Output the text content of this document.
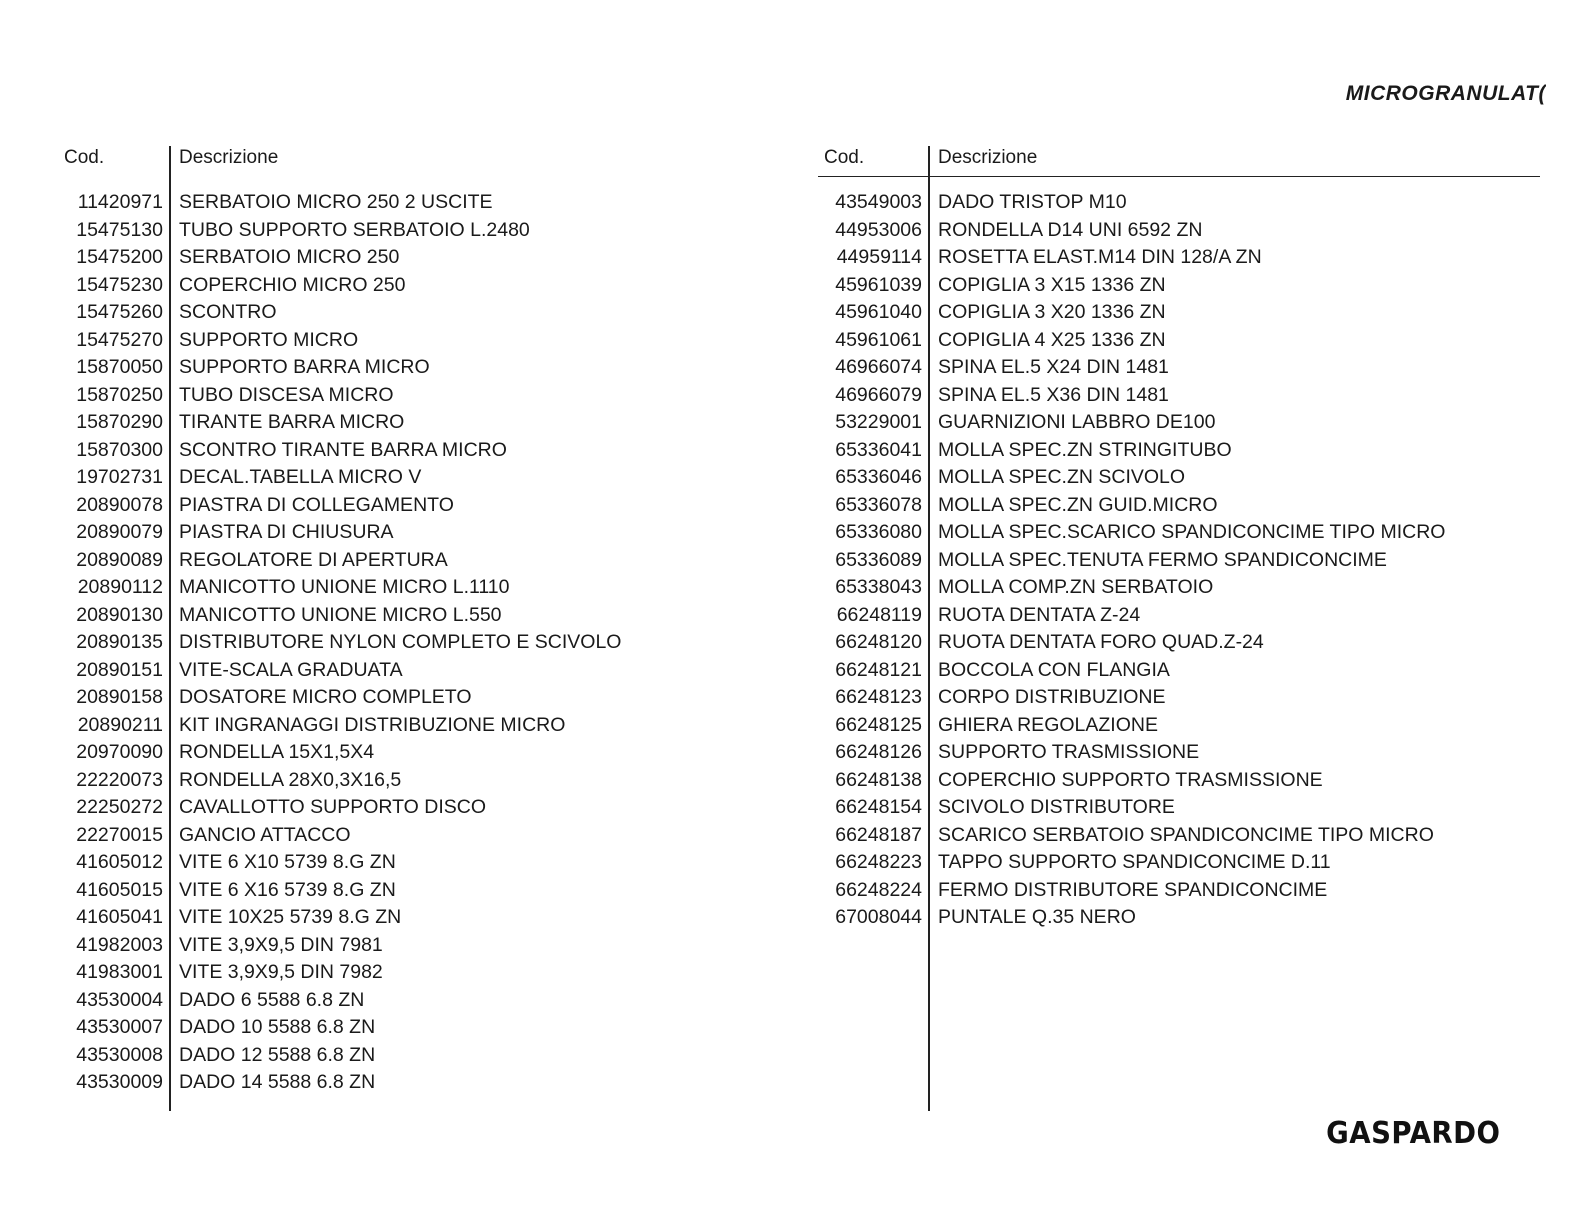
MICROGRANULAT(
Cod.	Descrizione
11420971 SERBATOIO MICRO 250 2 USCITE
15475130 TUBO SUPPORTO SERBATOIO L.2480
15475200 SERBATOIO MICRO 250
15475230 COPERCHIO MICRO 250
15475260 SCONTRO
15475270 SUPPORTO MICRO
15870050 SUPPORTO BARRA MICRO
15870250 TUBO DISCESA MICRO
15870290 TIRANTE BARRA MICRO
15870300 SCONTRO TIRANTE BARRA MICRO
19702731 DECAL.TABELLA MICRO V
20890078 PIASTRA DI COLLEGAMENTO
20890079 PIASTRA DI CHIUSURA
20890089 REGOLATORE DI APERTURA
20890112 MANICOTTO UNIONE MICRO L.1110
20890130 MANICOTTO UNIONE MICRO L.550
20890135 DISTRIBUTORE NYLON COMPLETO E SCIVOLO
20890151 VITE-SCALA GRADUATA
20890158 DOSATORE MICRO COMPLETO
20890211 KIT INGRANAGGI DISTRIBUZIONE MICRO
20970090 RONDELLA 15X1,5X4
22220073 RONDELLA 28X0,3X16,5
22250272 CAVALLOTTO SUPPORTO DISCO
22270015 GANCIO ATTACCO
41605012 VITE 6 X10 5739 8.G ZN
41605015 VITE 6 X16 5739 8.G ZN
41605041 VITE 10X25 5739 8.G ZN
41982003 VITE 3,9X9,5 DIN 7981
41983001 VITE 3,9X9,5 DIN 7982
43530004 DADO 6 5588 6.8 ZN
43530007 DADO 10 5588 6.8 ZN
43530008 DADO 12 5588 6.8 ZN
43530009 DADO 14 5588 6.8 ZN
Cod.	Descrizione
43549003 DADO TRISTOP M10
44953006 RONDELLA D14 UNI 6592 ZN
44959114 ROSETTA ELAST.M14 DIN 128/A ZN
45961039 COPIGLIA 3 X15 1336 ZN
45961040 COPIGLIA 3 X20 1336 ZN
45961061 COPIGLIA 4 X25 1336 ZN
46966074 SPINA EL.5 X24 DIN 1481
46966079 SPINA EL.5 X36 DIN 1481
53229001 GUARNIZIONI LABBRO DE100
65336041 MOLLA SPEC.ZN STRINGITUBO
65336046 MOLLA SPEC.ZN SCIVOLO
65336078 MOLLA SPEC.ZN GUID.MICRO
65336080 MOLLA SPEC.SCARICO SPANDICONCIME TIPO MICRO
65336089 MOLLA SPEC.TENUTA FERMO SPANDICONCIME
65338043 MOLLA COMP.ZN SERBATOIO
66248119 RUOTA DENTATA Z-24
66248120 RUOTA DENTATA FORO QUAD.Z-24
66248121 BOCCOLA CON FLANGIA
66248123 CORPO DISTRIBUZIONE
66248125 GHIERA REGOLAZIONE
66248126 SUPPORTO TRASMISSIONE
66248138 COPERCHIO SUPPORTO TRASMISSIONE
66248154 SCIVOLO DISTRIBUTORE
66248187 SCARICO SERBATOIO SPANDICONCIME TIPO MICRO
66248223 TAPPO SUPPORTO SPANDICONCIME D.11
66248224 FERMO DISTRIBUTORE SPANDICONCIME
67008044 PUNTALE Q.35 NERO
GASPARDO
